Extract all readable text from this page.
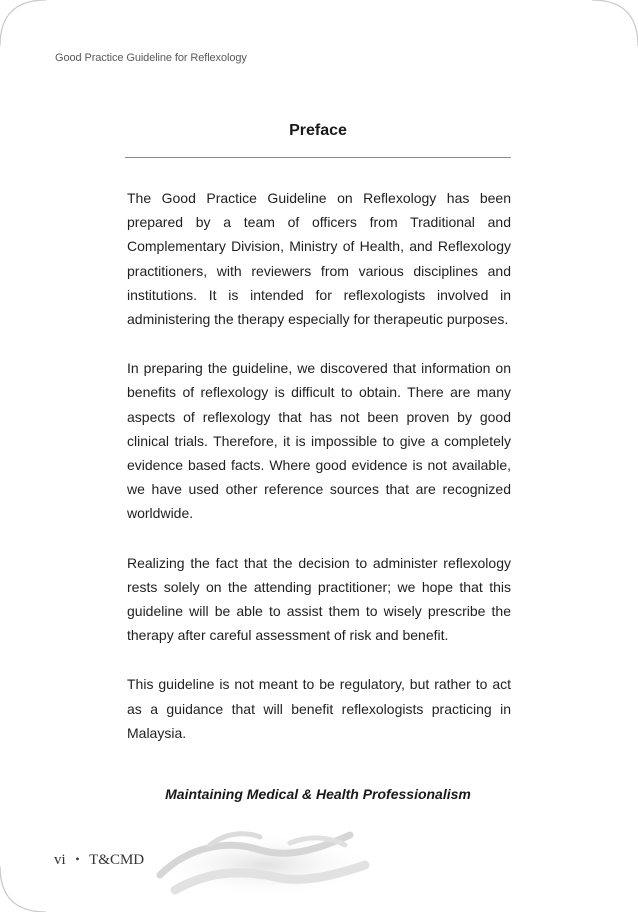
Good Practice Guideline for Reflexology
Preface

The Good Practice Guideline on Reflexology has been prepared by a team of officers from Traditional and Complementary Division, Ministry of Health, and Reflexology practitioners, with reviewers from various disciplines and institutions. It is intended for reflexologists involved in administering the therapy especially for therapeutic purposes.

In preparing the guideline, we discovered that information on benefits of reflexology is difficult to obtain. There are many aspects of reflexology that has not been proven by good clinical trials. Therefore, it is impossible to give a completely evidence based facts. Where good evidence is not available, we have used other reference sources that are recognized worldwide.

Realizing the fact that the decision to administer reflexology rests solely on the attending practitioner; we hope that this guideline will be able to assist them to wisely prescribe the therapy after careful assessment of risk and benefit.

This guideline is not meant to be regulatory, but rather to act as a guidance that will benefit reflexologists practicing in Malaysia.

Maintaining Medical & Health Professionalism
vi • T&CMD
